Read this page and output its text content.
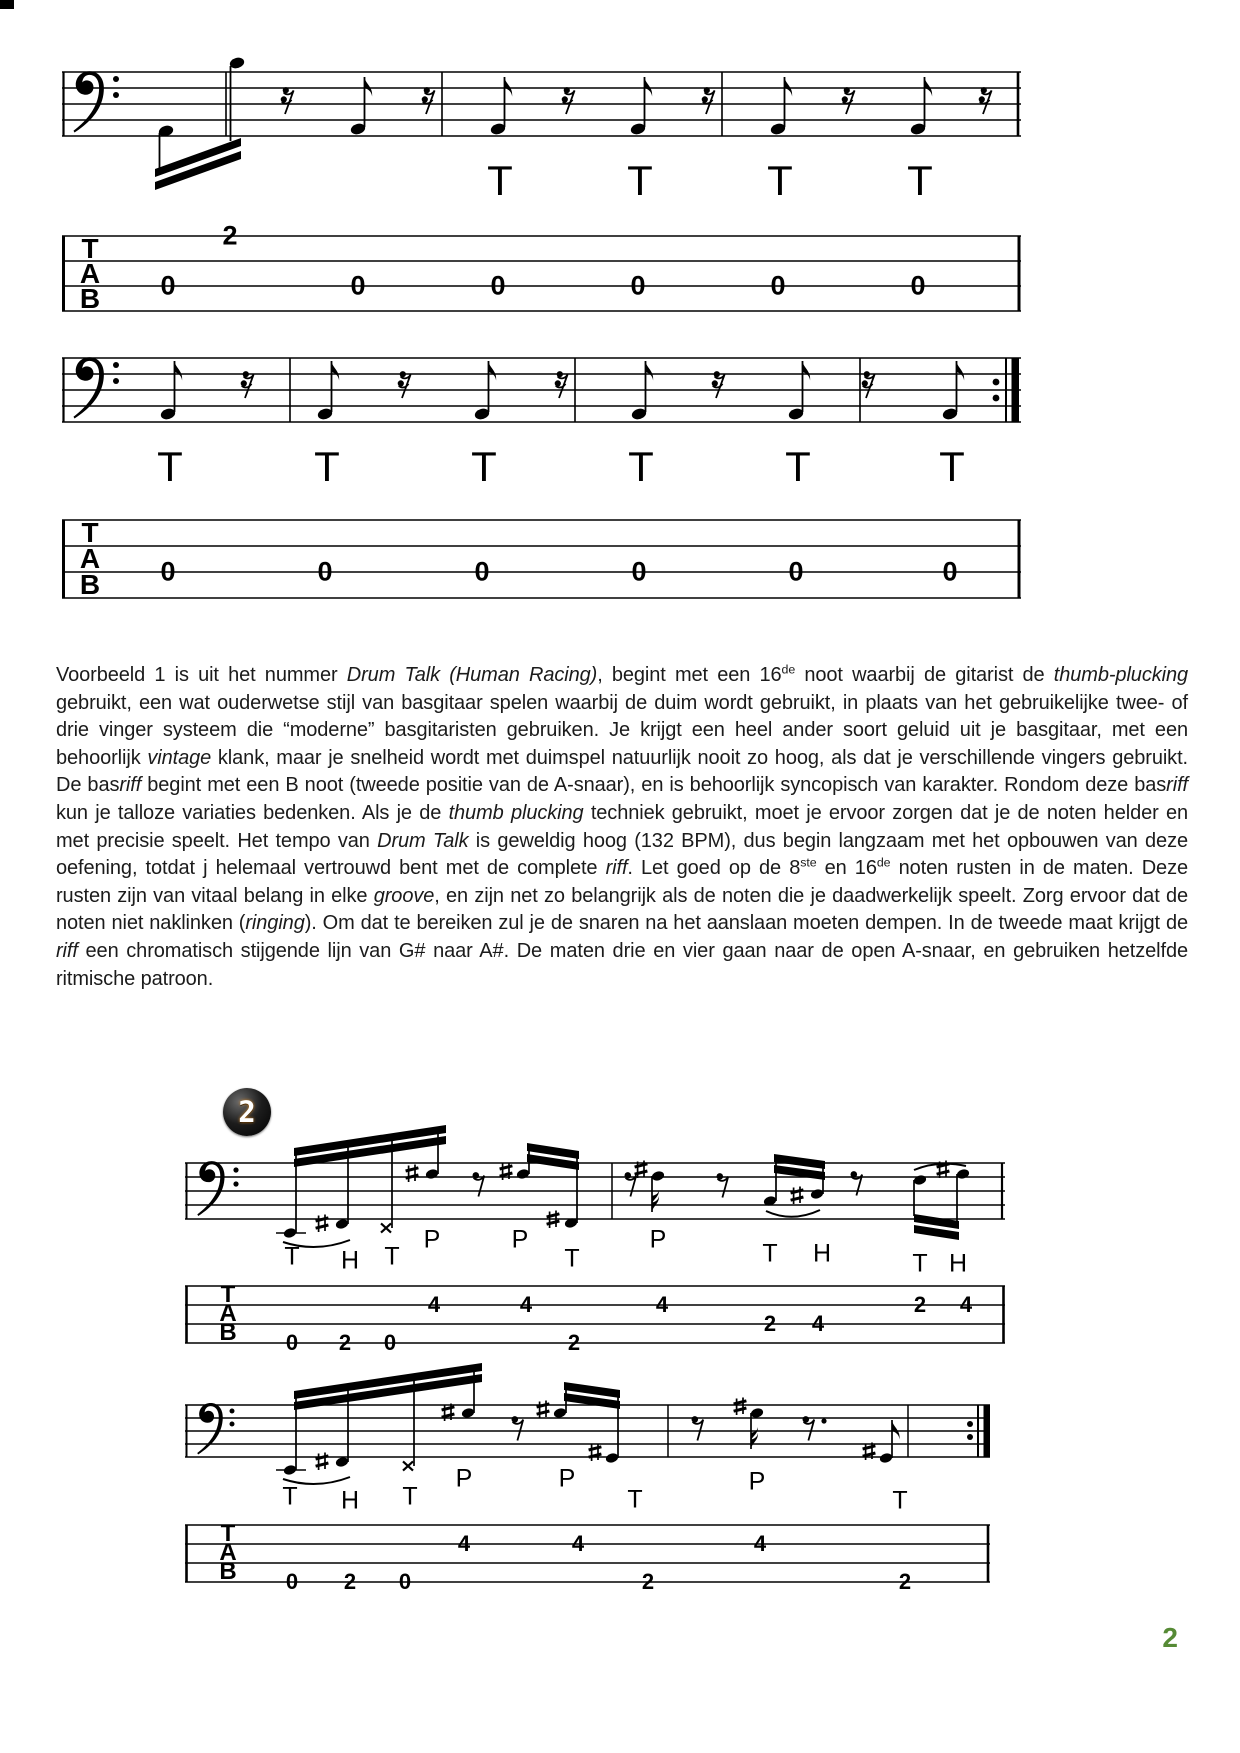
T	T	T	T
T
A
B 0
2
0	0	0	0	0
T	T	T	T	T	T
T
A
B 0	0	0	0	0	0
T H T
P	P
T
P	T H	T H
T
A
B 0 2 0
4	4
2
4
2 4
2 4
T H T
P	P
T
P
T
T
A
B 0 2 0
4	4
2
4
2

Voorbeeld 1 is uit het nummer Drum Talk (Human Racing), begint met een 16de noot waarbij de gitarist de thumb-plucking gebruikt, een wat ouderwetse stijl van basgitaar spelen waarbij de duim wordt gebruikt, in plaats van het gebruikelijke twee- of drie vinger systeem die “moderne” basgitaristen gebruiken. Je krijgt een heel ander soort geluid uit je basgitaar, met een behoorlijk vintage klank, maar je snelheid wordt met duimspel natuurlijk nooit zo hoog, als dat je verschillende vingers gebruikt. De basriff begint met een B noot (tweede positie van de A-snaar), en is behoorlijk syncopisch van karakter. Rondom deze basriff kun je talloze variaties bedenken. Als je de thumb plucking techniek gebruikt, moet je ervoor zorgen dat je de noten helder en met precisie speelt. Het tempo van Drum Talk is geweldig hoog (132 BPM), dus begin langzaam met het opbouwen van deze oefening, totdat j helemaal vertrouwd bent met de complete riff. Let goed op de 8ste en 16de noten rusten in de maten. Deze rusten zijn van vitaal belang in elke groove, en zijn net zo belangrijk als de noten die je daadwerkelijk speelt. Zorg ervoor dat de noten niet naklinken (ringing). Om dat te bereiken zul je de snaren na het aanslaan moeten dempen. In de tweede maat krijgt de riff een chromatisch stijgende lijn van G# naar A#. De maten drie en vier gaan naar de open A-snaar, en gebruiken hetzelfde ritmische patroon.

2
2
